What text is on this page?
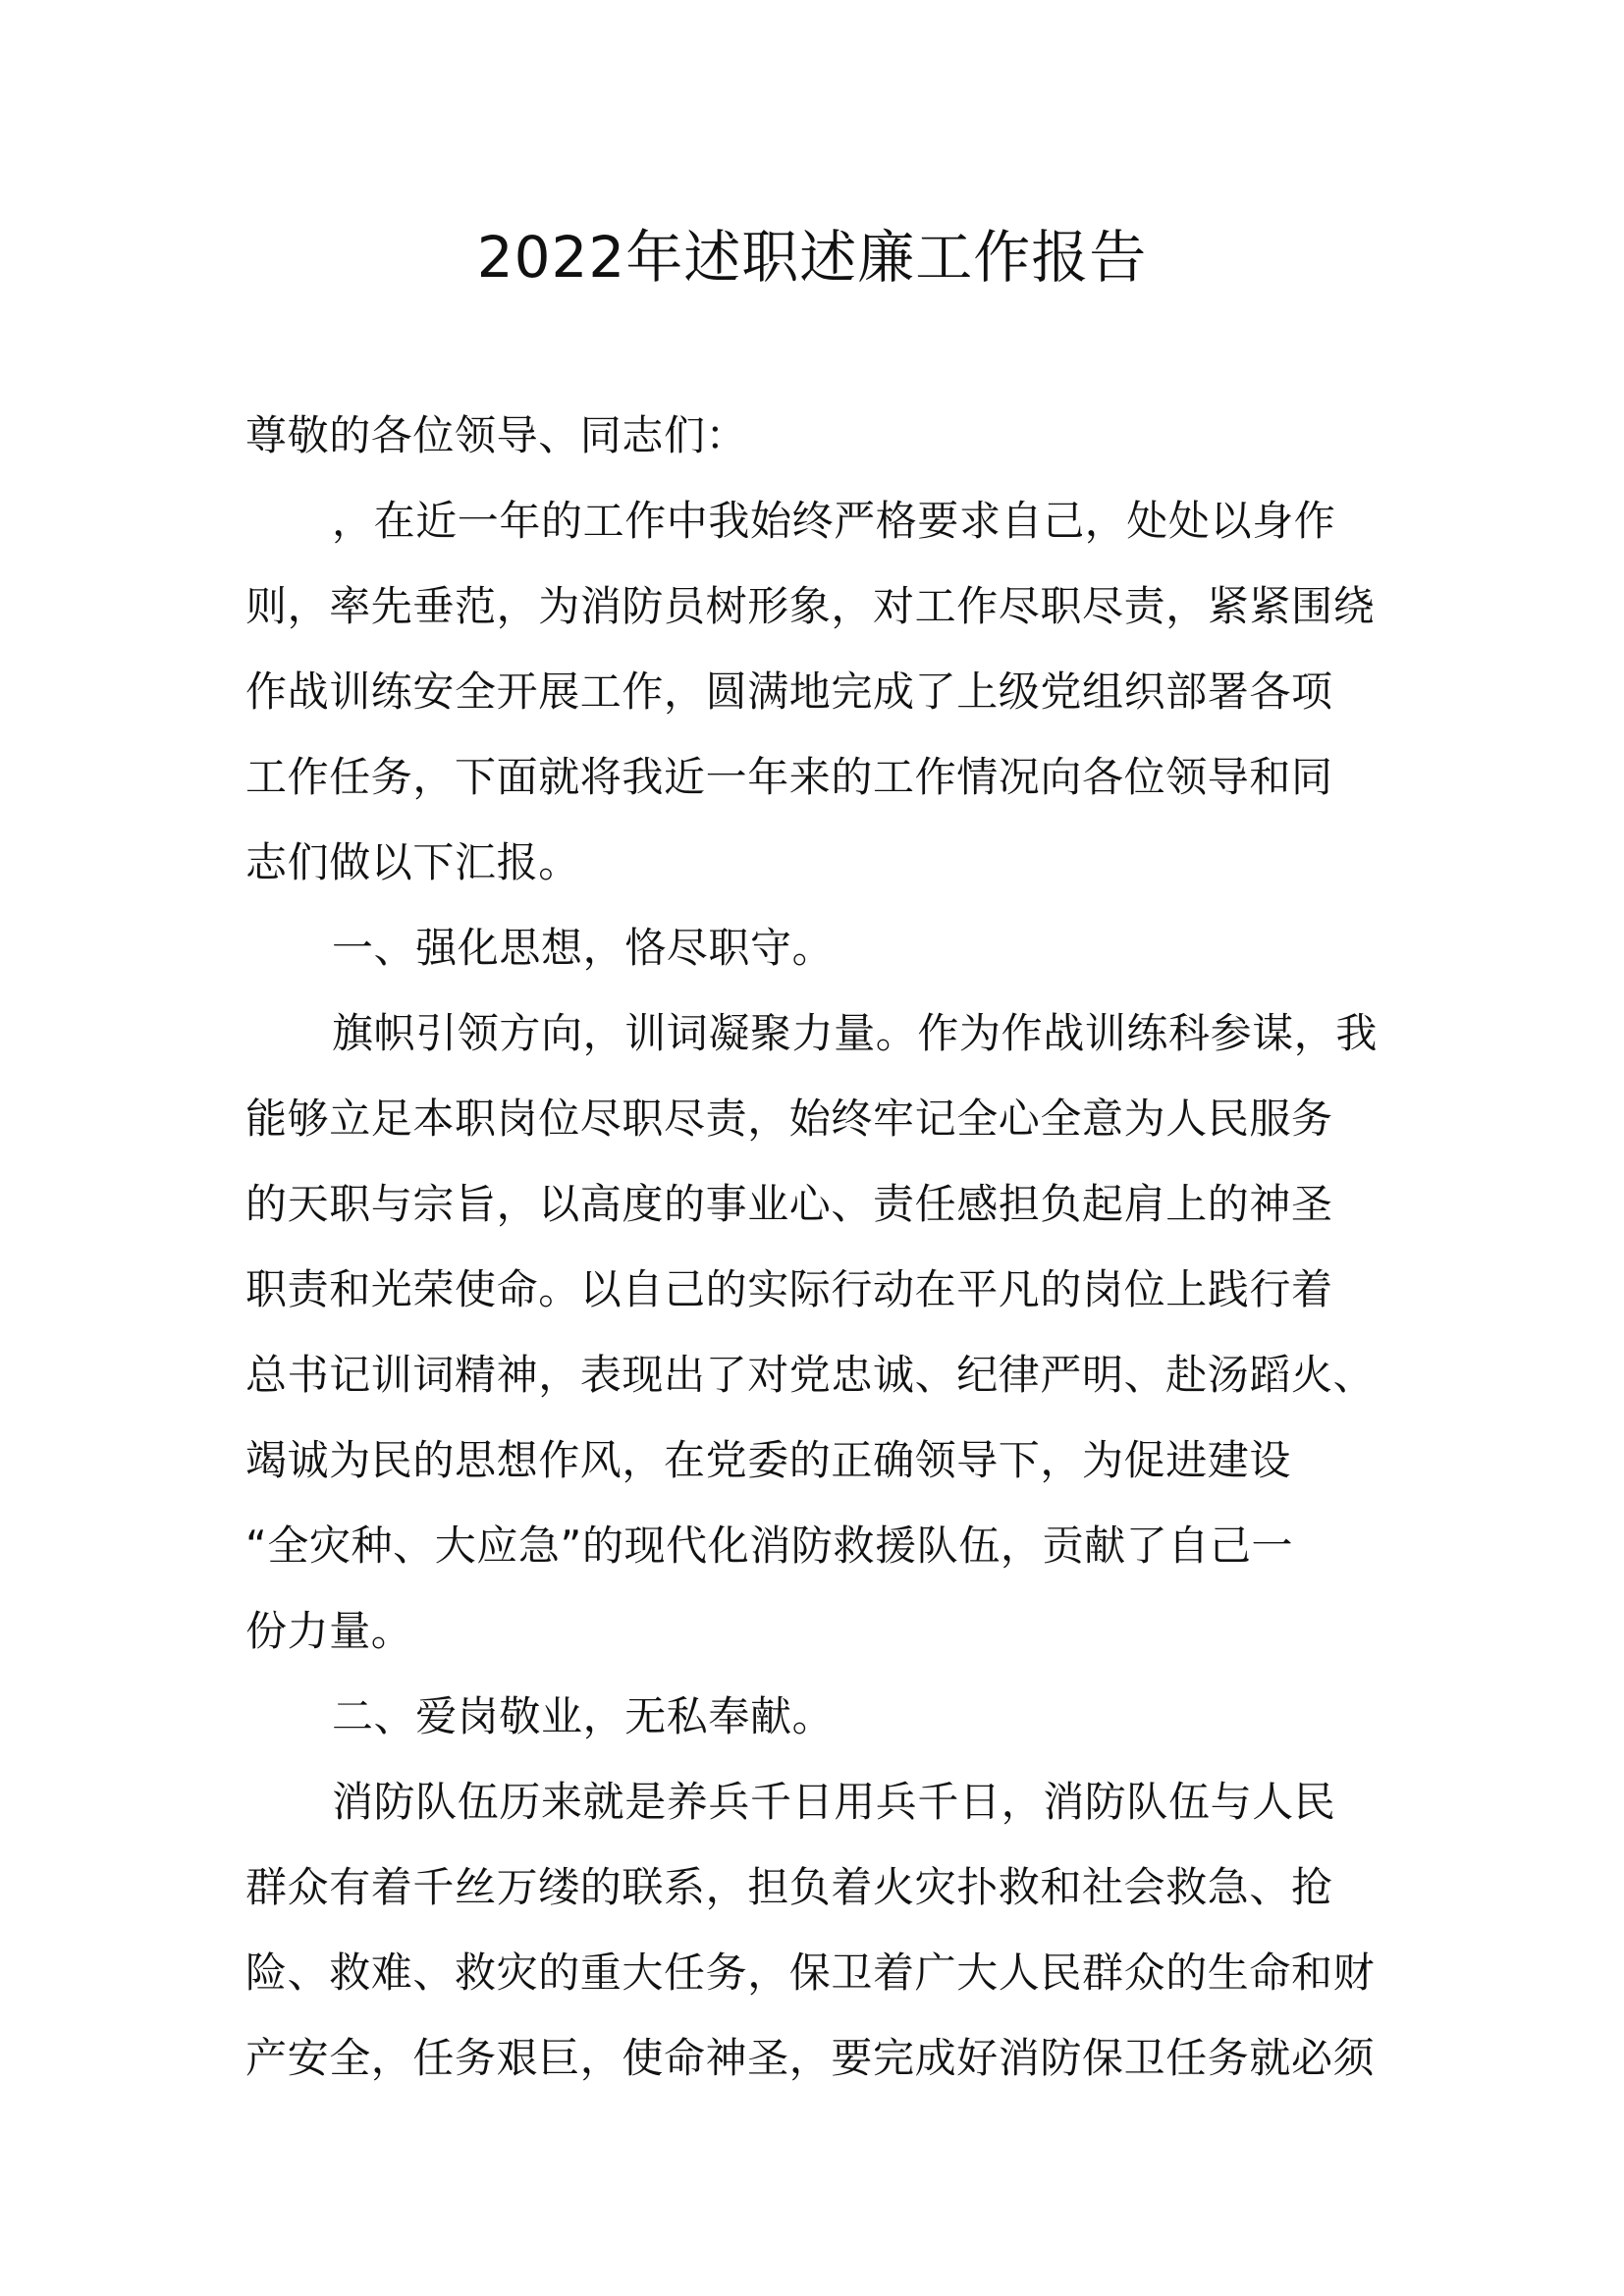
2022年述职述廉工作报告
尊敬的各位领导、同志们：
，在近一年的工作中我始终严格要求自己，处处以身作
则，率先垂范，为消防员树形象，对工作尽职尽责，紧紧围绕
作战训练安全开展工作，圆满地完成了上级党组织部署各项
工作任务，下面就将我近一年来的工作情况向各位领导和同
志们做以下汇报。
一、强化思想，恪尽职守。
旗帜引领方向，训词凝聚力量。作为作战训练科参谋，我
能够立足本职岗位尽职尽责，始终牢记全心全意为人民服务
的天职与宗旨，以高度的事业心、责任感担负起肩上的神圣
职责和光荣使命。以自己的实际行动在平凡的岗位上践行着
总书记训词精神，表现出了对党忠诚、纪律严明、赴汤蹈火、
竭诚为民的思想作风，在党委的正确领导下，为促进建设
“全灾种、大应急”的现代化消防救援队伍，贡献了自己一
份力量。
二、爱岗敬业，无私奉献。
消防队伍历来就是养兵千日用兵千日，消防队伍与人民
群众有着千丝万缕的联系，担负着火灾扑救和社会救急、抢
险、救难、救灾的重大任务，保卫着广大人民群众的生命和财
产安全，任务艰巨，使命神圣，要完成好消防保卫任务就必须
